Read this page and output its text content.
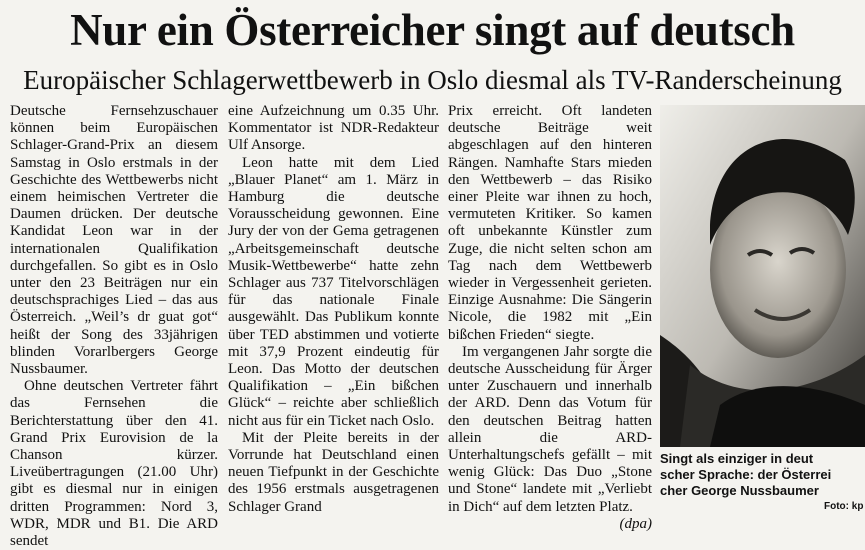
Nur ein Österreicher singt auf deutsch
Europäischer Schlagerwettbewerb in Oslo diesmal als TV-Randerscheinung

Deutsche Fernsehzuschauer können beim Europäischen Schlager-Grand-Prix an diesem Samstag in Oslo erstmals in der Geschichte des Wettbewerbs nicht einem heimischen Vertreter die Daumen drücken. Der deutsche Kandidat Leon war in der internationalen Qualifikation durchgefallen. So gibt es in Oslo unter den 23 Beiträgen nur ein deutschsprachiges Lied – das aus Österreich. „Weil’s dr guat got“ heißt der Song des 33jährigen blinden Vorarlbergers George Nussbaumer.

Ohne deutschen Vertreter fährt das Fernsehen die Berichterstattung über den 41. Grand Prix Eurovision de la Chanson kürzer. Liveübertragungen (21.00 Uhr) gibt es diesmal nur in einigen dritten Programmen: Nord 3, WDR, MDR und B1. Die ARD sendet

eine Aufzeichnung um 0.35 Uhr. Kommentator ist NDR-Redakteur Ulf Ansorge.

Leon hatte mit dem Lied „Blauer Planet“ am 1. März in Hamburg die deutsche Vorausscheidung gewonnen. Eine Jury der von der Gema getragenen „Arbeitsgemeinschaft deutsche Musik-Wettbewerbe“ hatte zehn Schlager aus 737 Titelvorschlägen für das nationale Finale ausgewählt. Das Publikum konnte über TED abstimmen und votierte mit 37,9 Prozent eindeutig für Leon. Das Motto der deutschen Qualifikation – „Ein bißchen Glück“ – reichte aber schließlich nicht aus für ein Ticket nach Oslo.

Mit der Pleite bereits in der Vorrunde hat Deutschland einen neuen Tiefpunkt in der Geschichte des 1956 erstmals ausgetragenen Schlager Grand

Prix erreicht. Oft landeten deutsche Beiträge weit abgeschlagen auf den hinteren Rängen. Namhafte Stars mieden den Wettbewerb – das Risiko einer Pleite war ihnen zu hoch, vermuteten Kritiker. So kamen oft unbekannte Künstler zum Zuge, die nicht selten schon am Tag nach dem Wettbewerb wieder in Vergessenheit gerieten. Einzige Ausnahme: Die Sängerin Nicole, die 1982 mit „Ein bißchen Frieden“ siegte.

Im vergangenen Jahr sorgte die deutsche Ausscheidung für Ärger unter Zuschauern und innerhalb der ARD. Denn das Votum für den deutschen Beitrag hatten allein die ARD-Unterhaltungschefs gefällt – mit wenig Glück: Das Duo „Stone und Stone“ landete mit „Verliebt in Dich“ auf dem letzten Platz.
(dpa)

Singt als einziger in deut
scher Sprache: der Österrei
cher George Nussbaumer
Foto: kp
